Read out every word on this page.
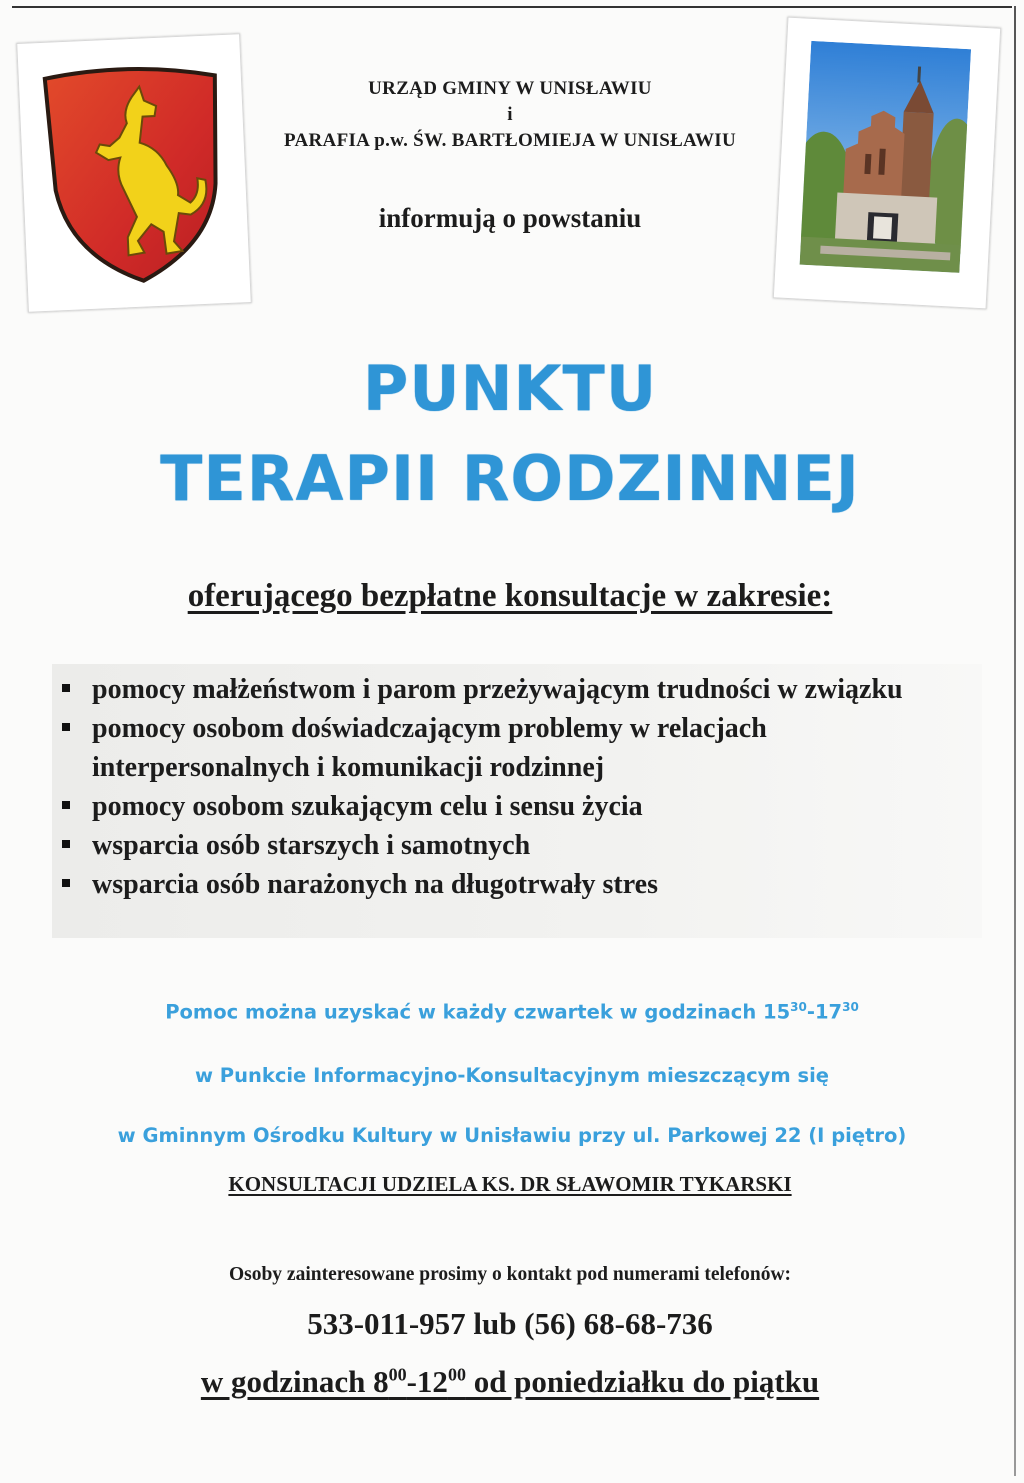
URZĄD GMINY W UNISŁAWIU
i
PARAFIA p.w. ŚW. BARTŁOMIEJA W UNISŁAWIU
informują o powstaniu
PUNKTU
TERAPII RODZINNEJ
oferującego bezpłatne konsultacje w zakresie:
pomocy małżeństwom i parom przeżywającym trudności w związku
pomocy osobom doświadczającym problemy w relacjach interpersonalnych i komunikacji rodzinnej
pomocy osobom szukającym celu i sensu życia
wsparcia osób starszych i samotnych
wsparcia osób narażonych na długotrwały stres
Pomoc można uzyskać w każdy czwartek w godzinach $15^{30}-17^{30}$
w Punkcie Informacyjno-Konsultacyjnym mieszczącym się
w Gminnym Ośrodku Kultury w Unisławiu przy ul. Parkowej 22 (I piętro)
KONSULTACJI UDZIELA KS. DR SŁAWOMIR TYKARSKI
Osoby zainteresowane prosimy o kontakt pod numerami telefonów:
533-011-957 lub (56) 68-68-736
w godzinach $8^{00}-12^{00}$ od poniedziałku do piątku
